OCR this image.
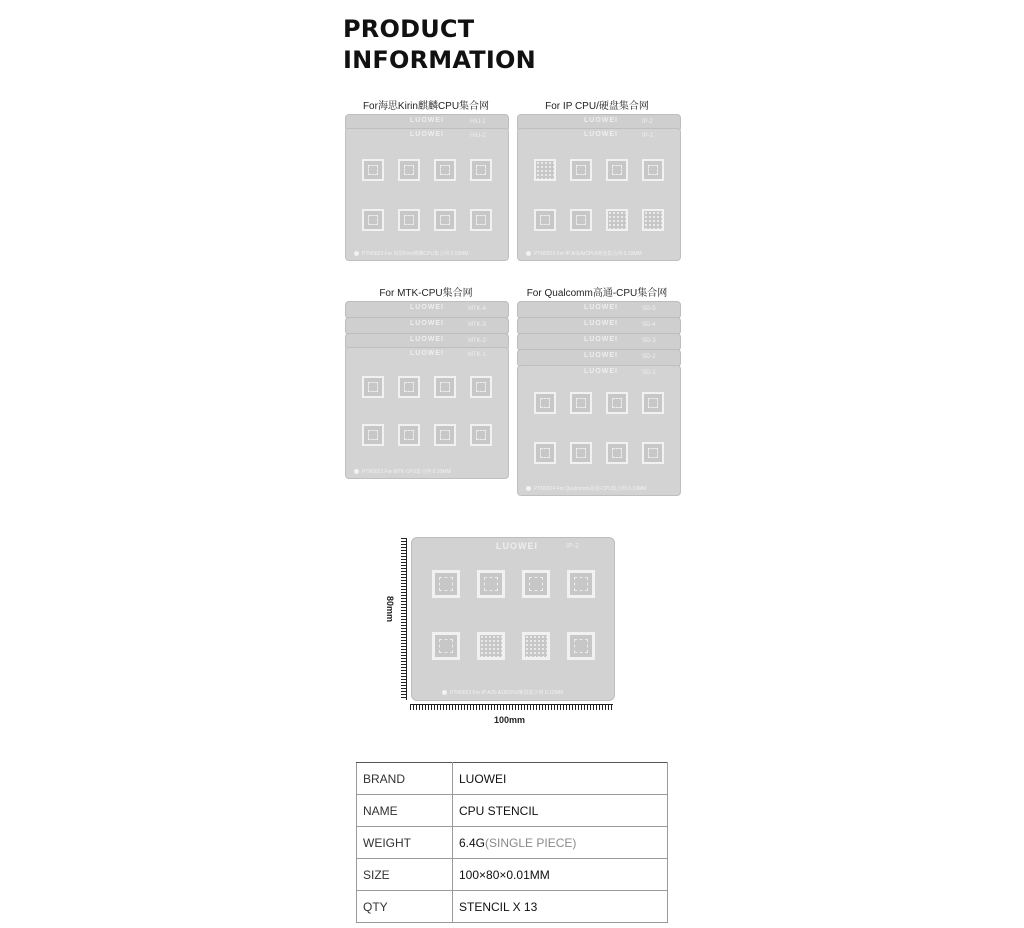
PRODUCT
INFORMATION
For海思Kirin麒麟CPU集合网
LUOWEI	HIU-1
LUOWEI	HIU-2
PTN0023 For 海思Kirin麒麟CPU集合网 0.10MM
For IP CPU/硬盘集合网
LUOWEI	IP-2
LUOWEI	IP-1
PTN0023 For IP A/S/A/CPU/硬盘集合网 0.10MM
For MTK-CPU集合网
LUOWEI	MTK-4
LUOWEI	MTK-3
LUOWEI	MTK-2
LUOWEI	MTK-1
PTN0023 For MTK-CPU集合网 0.10MM
For Qualcomm高通-CPU集合网
LUOWEI	SD-5
LUOWEI	SD-4
LUOWEI	SD-3
LUOWEI	SD-2
LUOWEI	SD-1
PTN0024 For Qualcomm高通-CPU集合网 0.10MM
80mm
LUOWEI	IP-2
PTN0023 For IP A15-A18CPU/硬盘集合网 0.12MM
100mm
BRAND	LUOWEI
NAME	CPU STENCIL
WEIGHT	6.4G(SINGLE PIECE)
SIZE	100×80×0.01MM
QTY	STENCIL X 13
